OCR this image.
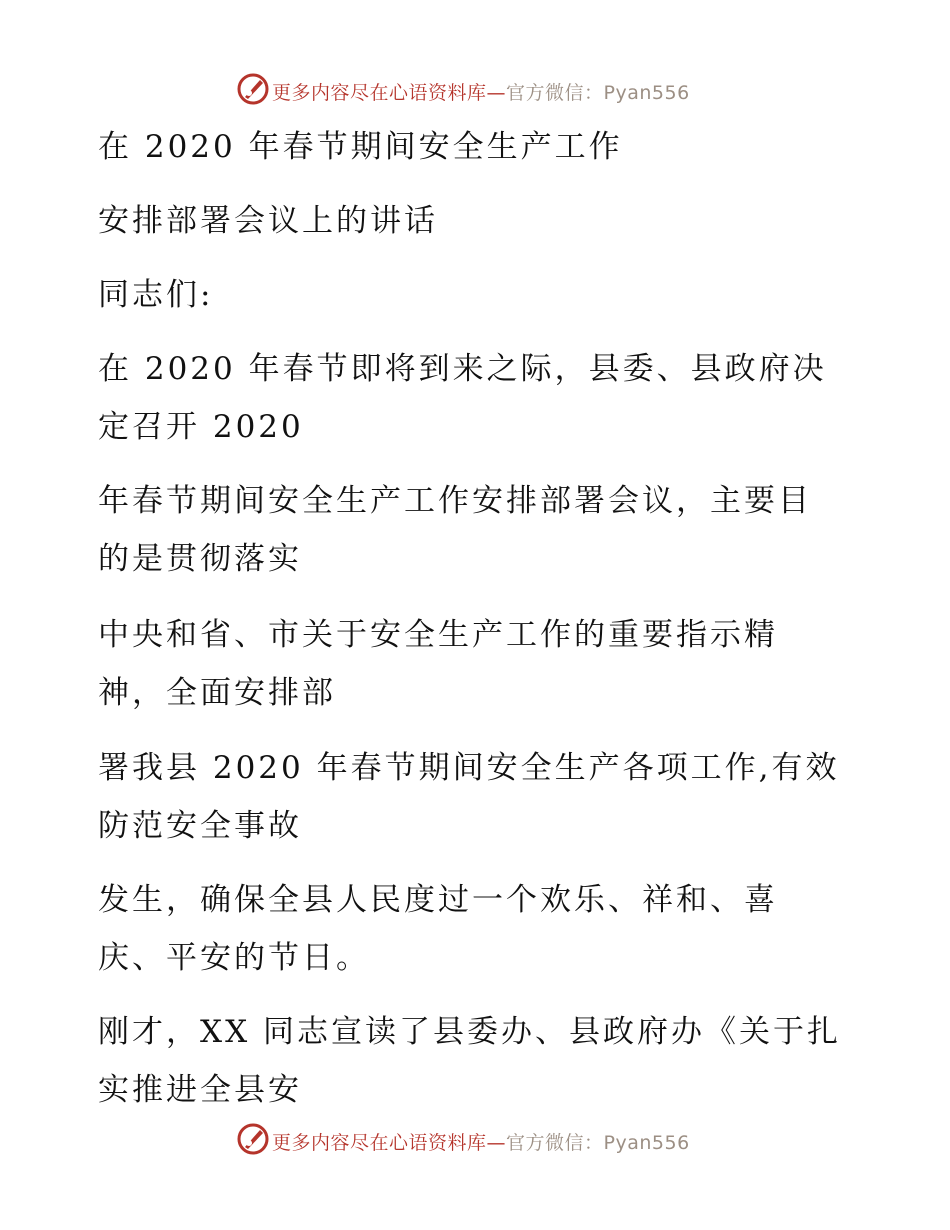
更多内容尽在心语资料库—官方微信：Pyan556
在 2020 年春节期间安全生产工作
安排部署会议上的讲话
同志们:
在 2020 年春节即将到来之际，县委、县政府决
定召开 2020
年春节期间安全生产工作安排部署会议，主要目
的是贯彻落实
中央和省、市关于安全生产工作的重要指示精
神，全面安排部
署我县 2020 年春节期间安全生产各项工作,有效
防范安全事故
发生，确保全县人民度过一个欢乐、祥和、喜
庆、平安的节日。
刚才，XX 同志宣读了县委办、县政府办《关于扎
实推进全县安
更多内容尽在心语资料库—官方微信：Pyan556
